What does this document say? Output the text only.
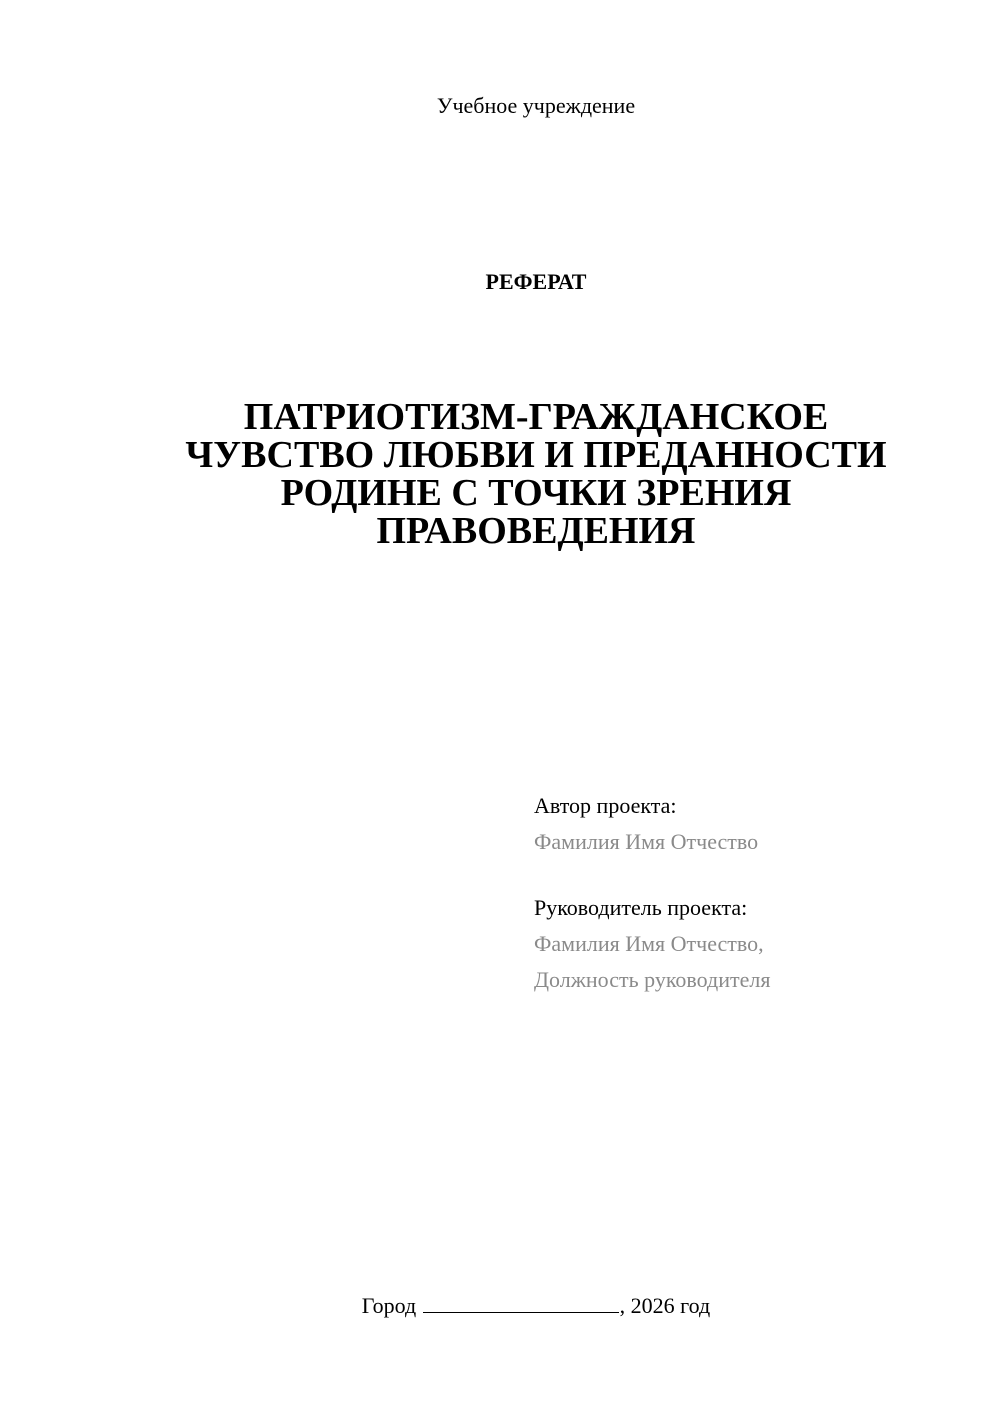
Учебное учреждение
РЕФЕРАТ
ПАТРИОТИЗМ-ГРАЖДАНСКОЕ
ЧУВСТВО ЛЮБВИ И ПРЕДАННОСТИ
РОДИНЕ С ТОЧКИ ЗРЕНИЯ
ПРАВОВЕДЕНИЯ
Автор проекта:
Фамилия Имя Отчество
Руководитель проекта:
Фамилия Имя Отчество,
Должность руководителя
Город	, 2026 год
